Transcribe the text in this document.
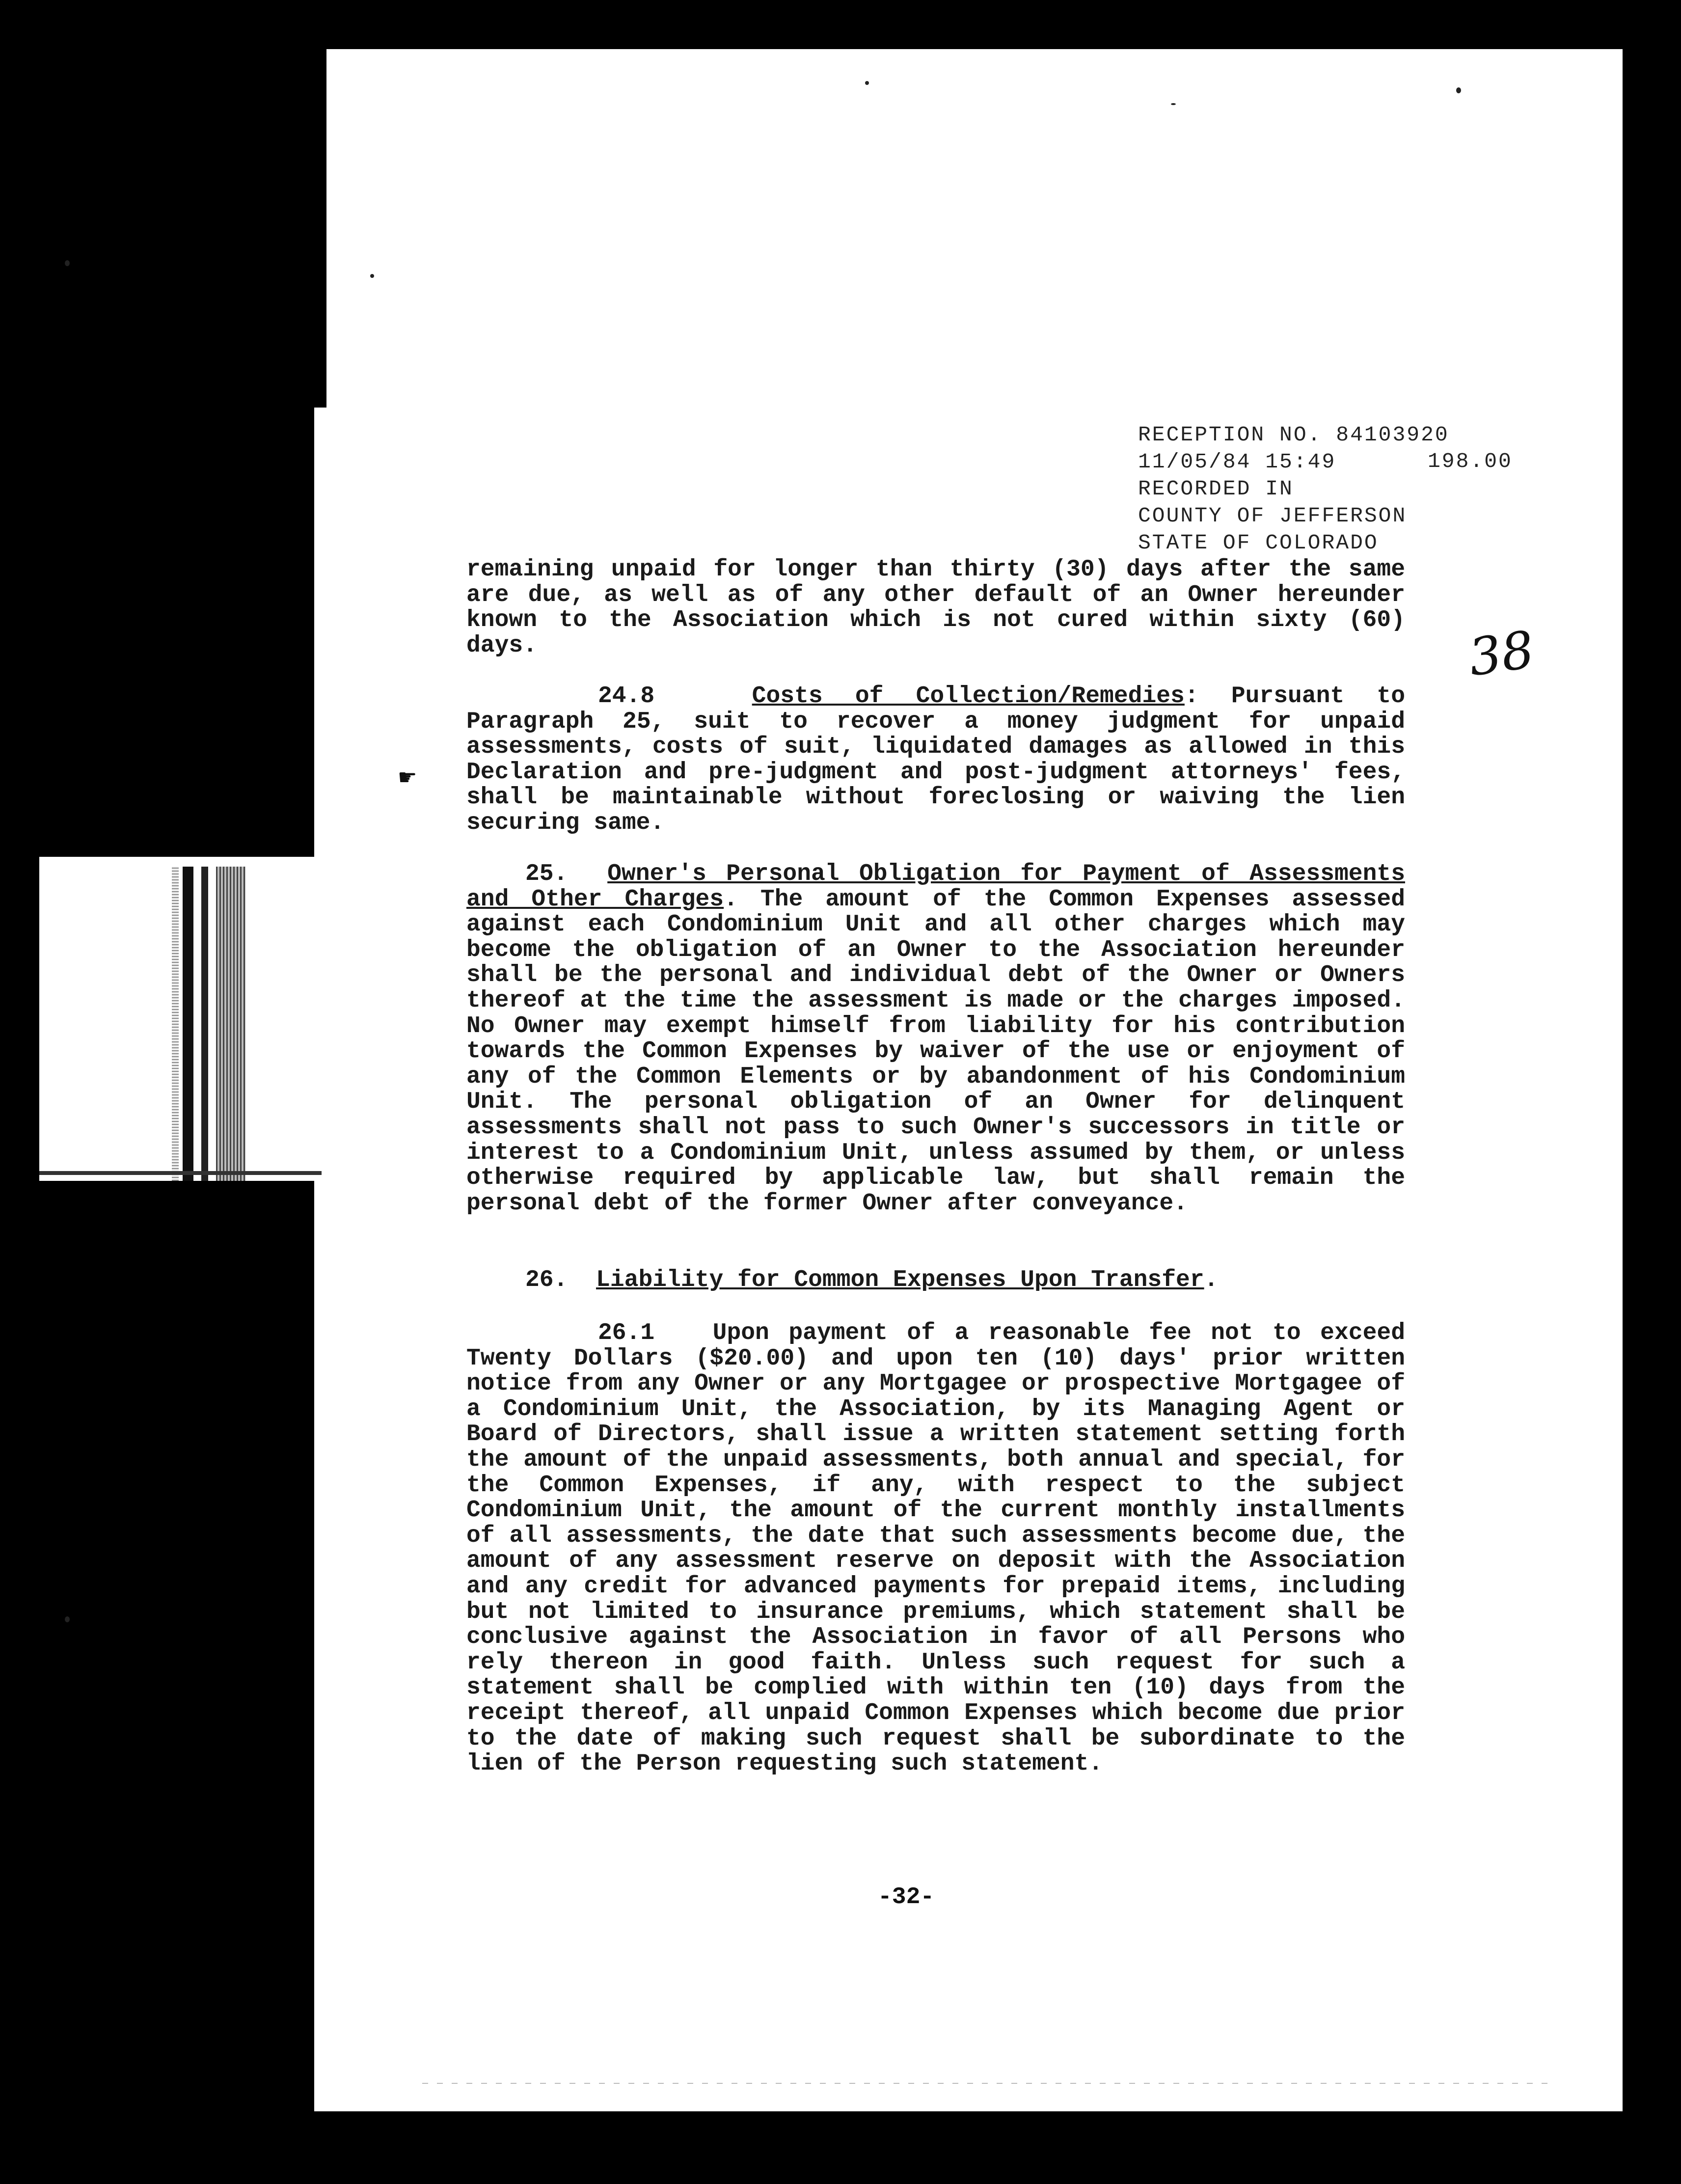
RECEPTION NO. 84103920
11/05/84 15:49
RECORDED IN
COUNTY OF JEFFERSON
STATE OF COLORADO
198.00
38
☛

remaining unpaid for longer than thirty (30) days after the same are due, as well as of any other default of an Owner hereunder known to the Association which is not cured within sixty (60) days.

24.8	Costs of Collection/Remedies: Pursuant to Paragraph 25, suit to recover a money judgment for unpaid assessments, costs of suit, liquidated damages as allowed in this Declaration and pre-judgment and post-judgment attorneys' fees, shall be maintainable without foreclosing or waiving the lien securing same.

25. Owner's Personal Obligation for Payment of Assessments and Other Charges. The amount of the Common Expenses assessed against each Condominium Unit and all other charges which may become the obligation of an Owner to the Association hereunder shall be the personal and individual debt of the Owner or Owners thereof at the time the assessment is made or the charges imposed. No Owner may exempt himself from liability for his contribution towards the Common Expenses by waiver of the use or enjoyment of any of the Common Elements or by abandonment of his Condominium Unit. The personal obligation of an Owner for delinquent assessments shall not pass to such Owner's successors in title or interest to a Condominium Unit, unless assumed by them, or unless otherwise required by applicable law, but shall remain the personal debt of the former Owner after conveyance.

26. Liability for Common Expenses Upon Transfer.

26.1 Upon payment of a reasonable fee not to exceed Twenty Dollars ($20.00) and upon ten (10) days' prior written notice from any Owner or any Mortgagee or prospective Mortgagee of a Condominium Unit, the Association, by its Managing Agent or Board of Directors, shall issue a written statement setting forth the amount of the unpaid assessments, both annual and special, for the Common Expenses, if any, with respect to the subject Condominium Unit, the amount of the current monthly installments of all assessments, the date that such assessments become due, the amount of any assessment reserve on deposit with the Association and any credit for advanced payments for prepaid items, including but not limited to insurance premiums, which statement shall be conclusive against the Association in favor of all Persons who rely thereon in good faith. Unless such request for such a statement shall be complied with within ten (10) days from the receipt thereof, all unpaid Common Expenses which become due prior to the date of making such request shall be subordinate to the lien of the Person requesting such statement.

-32-
